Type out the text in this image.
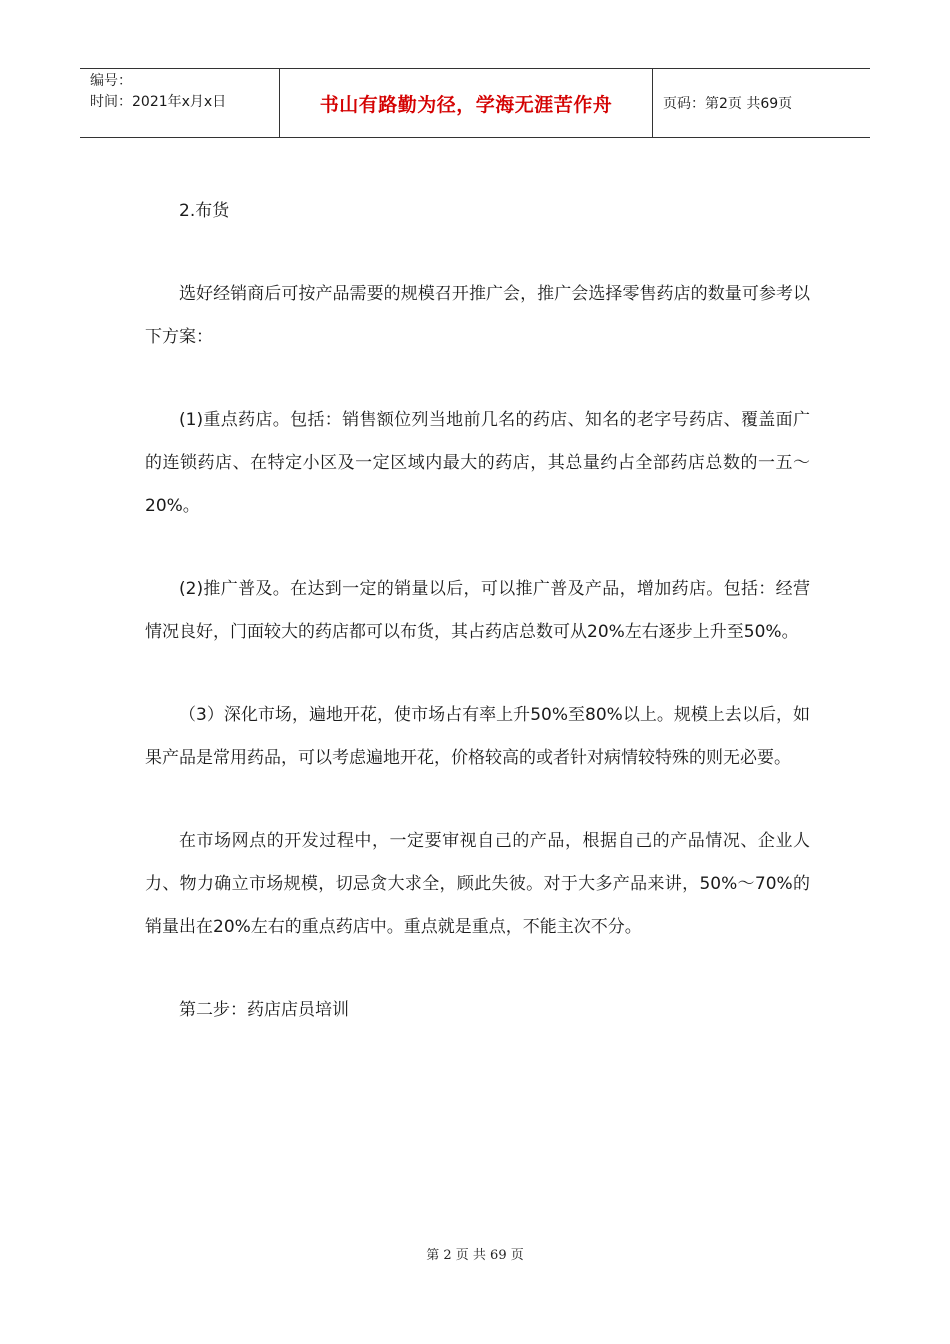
编号：
时间：2021年x月x日	书山有路勤为径，学海无涯苦作舟	页码：第2页 共69页

2.布货

选好经销商后可按产品需要的规模召开推广会，推广会选择零售药店的数量可参考以下方案：

(1)重点药店。包括：销售额位列当地前几名的药店、知名的老字号药店、覆盖面广的连锁药店、在特定小区及一定区域内最大的药店，其总量约占全部药店总数的一五～20%。

(2)推广普及。在达到一定的销量以后，可以推广普及产品，增加药店。包括：经营情况良好，门面较大的药店都可以布货，其占药店总数可从20%左右逐步上升至50%。

（3）深化市场，遍地开花，使市场占有率上升50%至80%以上。规模上去以后，如果产品是常用药品，可以考虑遍地开花，价格较高的或者针对病情较特殊的则无必要。

在市场网点的开发过程中，一定要审视自己的产品，根据自己的产品情况、企业人力、物力确立市场规模，切忌贪大求全，顾此失彼。对于大多产品来讲，50%～70%的销量出在20%左右的重点药店中。重点就是重点，不能主次不分。

第二步：药店店员培训

第 2 页 共 69 页
